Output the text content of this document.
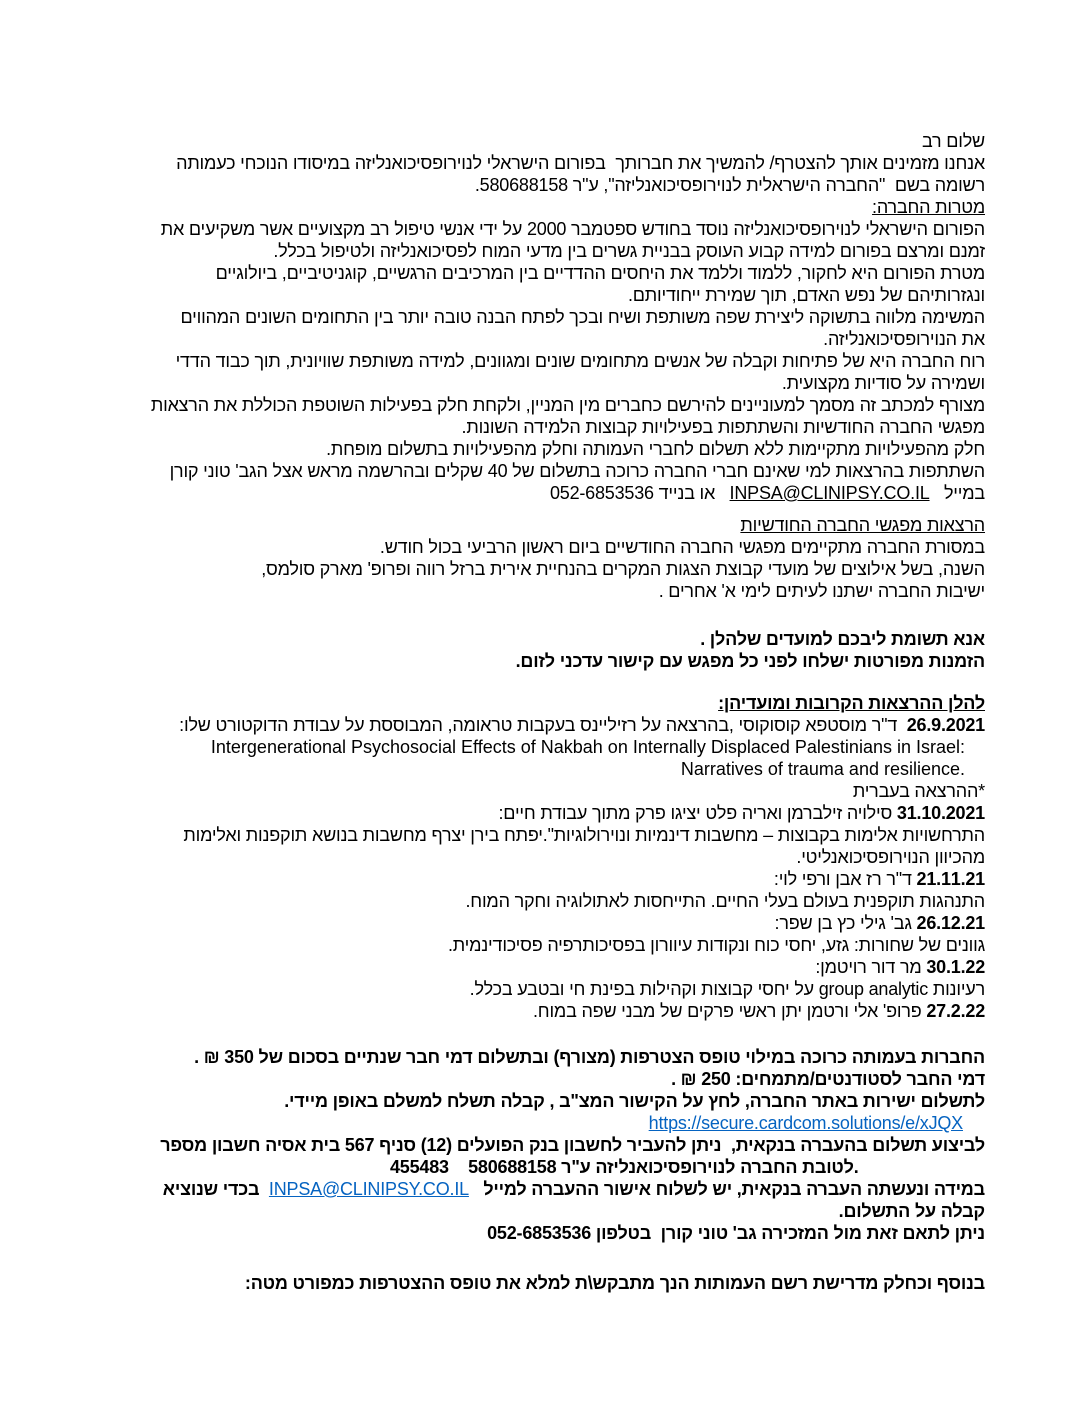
שלום רב
אנחנו מזמינים אותך להצטרף/ להמשיך את חברותך  בפורום הישראלי לנוירופסיכואנליזה במיסודו הנוכחי כעמותה
רשומה בשם  "החברה הישראלית לנוירופסיכואנליזה", ע"ר 580688158.
מטרות החברה:
הפורום הישראלי לנוירופסיכואנליזה נוסד בחודש ספטמבר 2000 על ידי אנשי טיפול רב מקצועיים אשר משקיעים את
זמנם ומרצם בפורום למידה קבוע העוסק בבניית גשרים בין מדעי המוח לפסיכואנליזה ולטיפול בכלל.
מטרת הפורום היא לחקור, ללמוד וללמד את היחסים ההדדיים בין המרכיבים הרגשיים, קוגניטיביים, ביולוגיים
ונגזרותיהם של נפש האדם, תוך שמירת ייחודיותם.
המשימה מלווה בתשוקה ליצירת שפה משותפת ושיח ובכך לפתח הבנה טובה יותר בין התחומים השונים המהווים
את הנוירופסיכואנליזה.
רוח החברה היא של פתיחות וקבלה של אנשים מתחומים שונים ומגוונים, למידה משותפת שוויונית, תוך כבוד הדדי
ושמירה על סודיות מקצועית.
מצורף למכתב זה מסמך למעוניינים להירשם כחברים מין המניין, ולקחת חלק בפעילות השוטפת הכוללת את הרצאות
מפגשי החברה החודשיות והשתתפות בפעילויות קבוצות הלמידה השונות.
חלק מהפעילויות מתקיימות ללא תשלום לחברי העמותה וחלק מהפעילויות בתשלום מופחת.
השתתפות בהרצאות למי שאינם חברי החברה כרוכה בתשלום של 40 שקלים ובהרשמה מראש אצל הגב' טוני קורן
במייל   INPSA@CLINIPSY.CO.IL   או בנייד 052-6853536
הרצאות מפגשי החברה החודשיות
במסורת החברה מתקיימים מפגשי החברה החודשיים ביום ראשון הרביעי בכול חודש.
השנה, בשל אילוצים של מועדי קבוצת הצגות המקרים בהנחיית אירית ברזל רווה ופרופ' מארק סולמס,
ישיבות החברה ישתנו לעיתים לימי א' אחרים .
אנא תשומת ליבכם למועדים שלהלן .
הזמנות מפורטות ישלחו לפני כל מפגש עם קישור עדכני לזום.
להלן ההרצאות הקרובות ומועדיהן:
26.9.2021  ד"ר מוסטפא קוסוקוסי ,בהרצאה על רזיליינס בעקבות טראומה, המבוססת על עבודת הדוקטורט שלו:
Intergenerational Psychosocial Effects of Nakbah on Internally Displaced Palestinians in Israel:
Narratives of trauma and resilience.
*ההרצאה בעברית
31.10.2021 סילויה זילברמן ואריה פלט יציגו פרק מתוך עבודת חיים:
התרחשויות אלימות בקבוצות – מחשבות דינמיות ונוירולוגיות".יפתח בירן יצרף מחשבות בנושא תוקפנות ואלימות
מהכיוון הנוירופסיכואנליטי.
21.11.21 ד"ר רז אבן ורפי לוי:
התנהגות תוקפנית בעולם בעלי החיים. התייחסות לאתולוגיה וחקר המוח.
26.12.21 גב' גילי כץ בן שפר:
גוונים של שחורות: גזע, יחסי כוח ונקודות עיוורון בפסיכותרפיה פסיכודינמית.
30.1.22 מר דור רויטמן:
רעיונות group analytic על יחסי קבוצות וקהילות בפינת חי ובטבע בכלל.
27.2.22 פרופ' אלי ורטמן יתן ראשי פרקים של מבני שפה במוח.
החברות בעמותה כרוכה במילוי טופס הצטרפות (מצורף) ובתשלום דמי חבר שנתיים בסכום של 350 ₪ .
דמי החבר לסטודנטים/מתמחים: 250 ₪ .
לתשלום ישירות באתר החברה, לחץ על הקישור המצ"ב , קבלה תשלח למשלם באופן מיידי.
https://secure.cardcom.solutions/e/xJQX
לביצוע תשלום בהעברה בנקאית,  ניתן להעביר לחשבון בנק הפועלים (12) סניף 567 בית אסיה חשבון מספר
455483    לטובת החברה לנוירופסיכואנליזה ע"ר 580688158.
במידה ונעשתה העברה בנקאית, יש לשלוח אישור ההעברה למייל   INPSA@CLINIPSY.CO.IL  בכדי שנוציא
קבלה על התשלום.
ניתן לתאם זאת מול המזכירה גב' טוני קורן  בטלפון 052-6853536
בנוסף וכחלק מדרישת רשם העמותות הנך מתבקש\ת למלא את טופס ההצטרפות כמפורט מטה:
